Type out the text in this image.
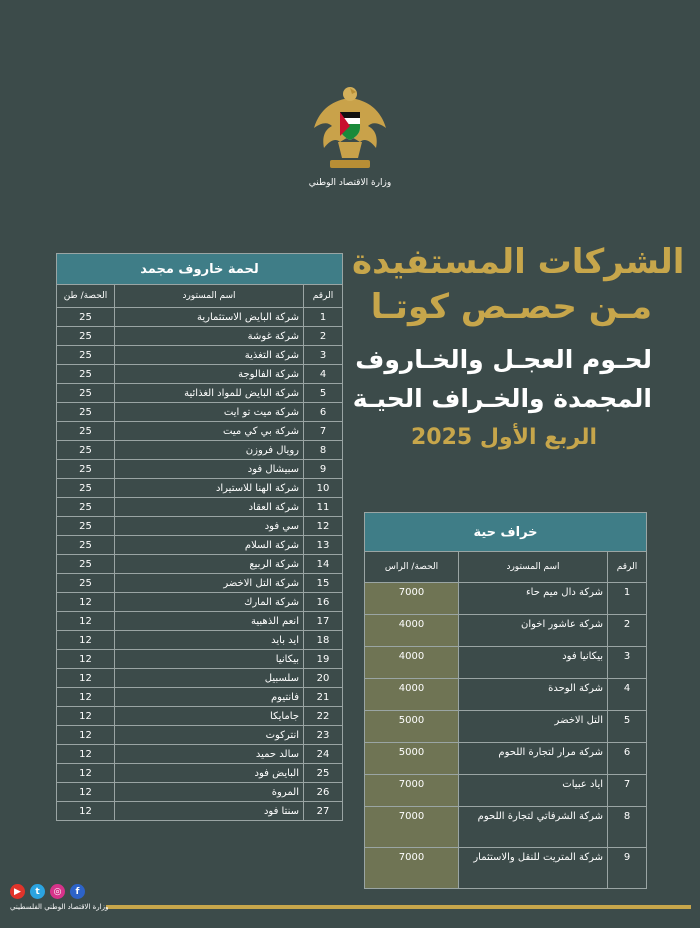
وزارة الاقتصاد الوطني
الشركات المستفيدة
مـن حصـص كوتـا
لحـوم العجـل والخـاروف
المجمدة والخـراف الحيـة
الربع الأول 2025
لحمة خاروف مجمد		
الرقم	اسم المستورد	الحصة/ طن
1	شركة البايض الاستثمارية	25
2	شركة غوشة	25
3	شركة التغذية	25
4	شركة الفالوجة	25
5	شركة البايض للمواد الغذائية	25
6	شركة ميت تو ايت	25
7	شركة بي كي ميت	25
8	رويال فروزن	25
9	سبيشال فود	25
10	شركة الهنا للاستيراد	25
11	شركة العقاد	25
12	سي فود	25
13	شركة السلام	25
14	شركة الربيع	25
15	شركة التل الاخضر	25
16	شركة المارك	12
17	انعم الذهبية	12
18	ايد بايد	12
19	بيكانيا	12
20	سلسبيل	12
21	فانتيوم	12
22	جامايكا	12
23	انتركوت	12
24	سالد حميد	12
25	البايض فود	12
26	المروة	12
27	سنتا فود	12
خراف حية		
الرقم	اسم المستورد	الحصة/ الراس
1	شركة دال ميم حاء	7000
2	شركة عاشور اخوان	4000
3	بيكانيا فود	4000
4	شركة الوحدة	4000
5	التل الاخضر	5000
6	شركة مرار لتجارة اللحوم	5000
7	اياد عبيات	7000
8	شركة الشرفاتي لتجارة اللحوم	7000
9	شركة المتريت للنقل والاستثمار	7000
▶	t	◎	f
وزارة الاقتصاد الوطني الفلسطيني
